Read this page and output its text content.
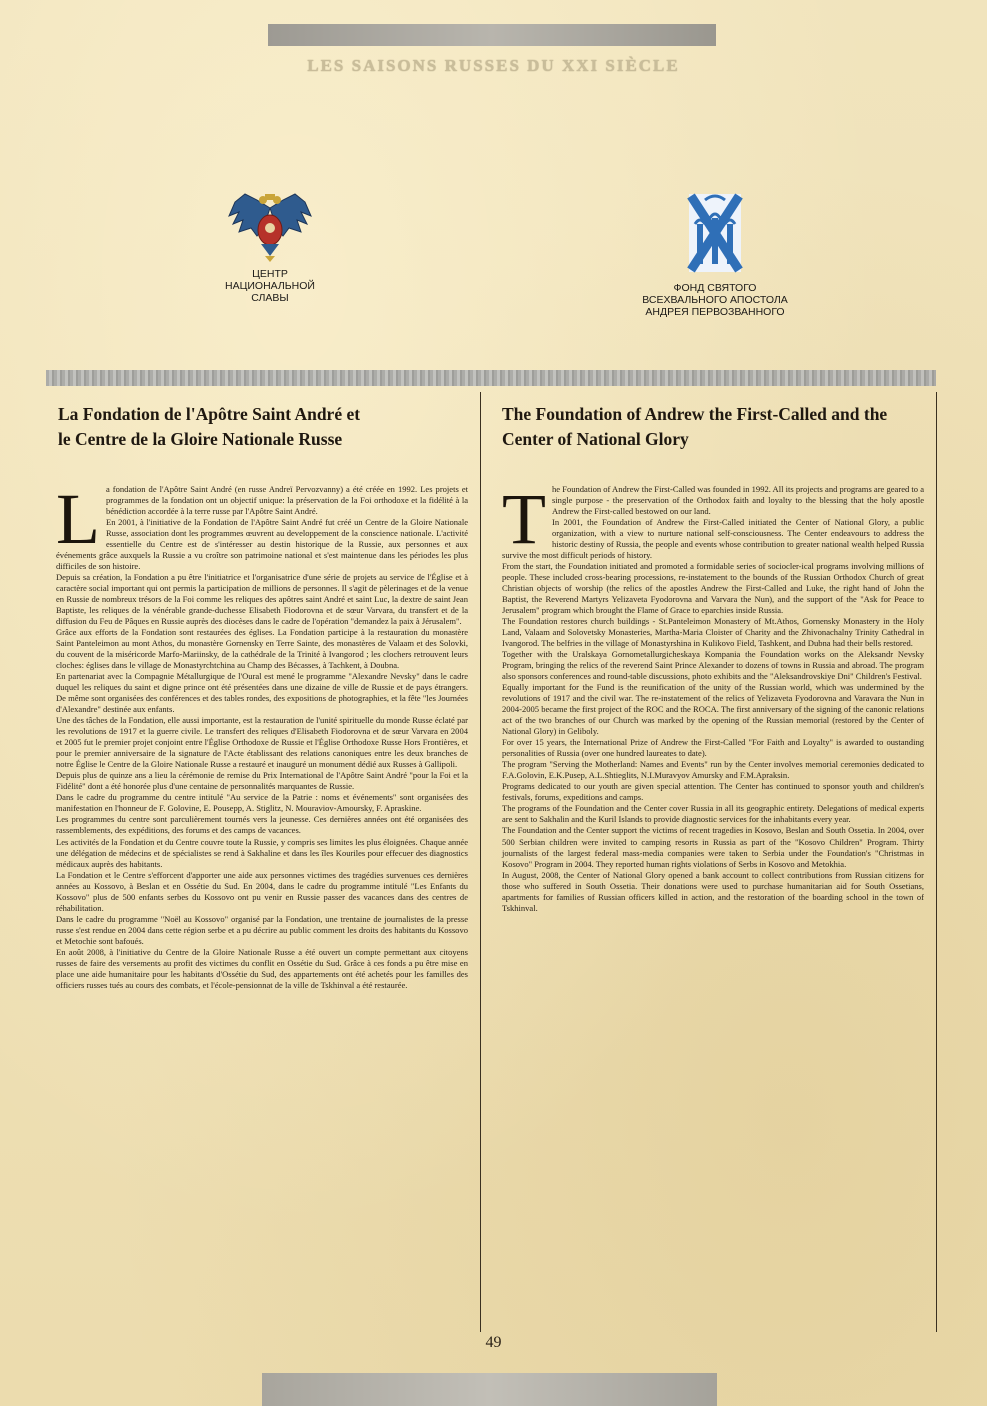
LES SAISONS RUSSES DU XXI SIÈCLE
ЦЕНТР
НАЦИОНАЛЬНОЙ
СЛАВЫ
ФОНД СВЯТОГО
ВСЕХВАЛЬНОГО АПОСТОЛА
АНДРЕЯ ПЕРВОЗВАННОГО
La Fondation de l'Apôtre Saint André et
le Centre de la Gloire Nationale Russe

La fondation de l'Apôtre Saint André (en russe Andreï Pervozvanny) a été créée en 1992. Les projets et programmes de la fondation ont un objectif unique: la préservation de la Foi orthodoxe et la fidélité à la bénédiction accordée à la terre russe par l'Apôtre Saint André.

En 2001, à l'initiative de la Fondation de l'Apôtre Saint André fut créé un Centre de la Gloire Nationale Russe, association dont les programmes œuvrent au developpement de la conscience nationale. L'activité essentielle du Centre est de s'intéresser au destin historique de la Russie, aux personnes et aux événements grâce auxquels la Russie a vu croître son patrimoine national et s'est maintenue dans les périodes les plus difficiles de son histoire.

Depuis sa création, la Fondation a pu être l'initiatrice et l'organisatrice d'une série de projets au service de l'Église et à caractère social important qui ont permis la participation de millions de personnes. Il s'agit de pèlerinages et de la venue en Russie de nombreux trésors de la Foi comme les reliques des apôtres saint André et saint Luc, la dextre de saint Jean Baptiste, les reliques de la vénérable grande-duchesse Elisabeth Fiodorovna et de sœur Varvara, du transfert et de la diffusion du Feu de Pâques en Russie auprès des diocèses dans le cadre de l'opération "demandez la paix à Jérusalem".

Grâce aux efforts de la Fondation sont restaurées des églises. La Fondation participe à la restauration du monastère Saint Panteleimon au mont Athos, du monastère Gornensky en Terre Sainte, des monastères de Valaam et des Solovki, du couvent de la miséricorde Marfo-Mariinsky, de la cathédrale de la Trinité à Ivangorod ; les clochers retrouvent leurs cloches: églises dans le village de Monastyrchtchina au Champ des Bécasses, à Tachkent, à Doubna.

En partenariat avec la Compagnie Métallurgique de l'Oural est mené le programme "Alexandre Nevsky" dans le cadre duquel les reliques du saint et digne prince ont été présentées dans une dizaine de ville de Russie et de pays étrangers. De même sont organisées des conférences et des tables rondes, des expositions de photographies, et la fête "les Journées d'Alexandre" destinée aux enfants.

Une des tâches de la Fondation, elle aussi importante, est la restauration de l'unité spirituelle du monde Russe éclaté par les revolutions de 1917 et la guerre civile. Le transfert des reliques d'Elisabeth Fiodorovna et de sœur Varvara en 2004 et 2005 fut le premier projet conjoint entre l'Église Orthodoxe de Russie et l'Église Orthodoxe Russe Hors Frontières, et pour le premier anniversaire de la signature de l'Acte établissant des relations canoniques entre les deux branches de notre Église le Centre de la Gloire Nationale Russe a restauré et inauguré un monument dédié aux Russes à Gallipoli.

Depuis plus de quinze ans a lieu la cérémonie de remise du Prix International de l'Apôtre Saint André "pour la Foi et la Fidélité" dont a été honorée plus d'une centaine de personnalités marquantes de Russie.

Dans le cadre du programme du centre intitulé "Au service de la Patrie : noms et événements" sont organisées des manifestation en l'honneur de F. Golovine, E. Pousepp, A. Stiglitz, N. Mouraviov-Amoursky, F. Apraskine.

Les programmes du centre sont parculièrement tournés vers la jeunesse. Ces dernières années ont été organisées des rassemblements, des expéditions, des forums et des camps de vacances.

Les activités de la Fondation et du Centre couvre toute la Russie, y compris ses limites les plus éloignées. Chaque année une délégation de médecins et de spécialistes se rend à Sakhaline et dans les îles Kouriles pour effecuer des diagnostics médicaux auprès des habitants.

La Fondation et le Centre s'efforcent d'apporter une aide aux personnes victimes des tragédies survenues ces dernières années au Kossovo, à Beslan et en Ossétie du Sud. En 2004, dans le cadre du programme intitulé "Les Enfants du Kossovo" plus de 500 enfants serbes du Kossovo ont pu venir en Russie passer des vacances dans des centres de réhabilitation.

Dans le cadre du programme "Noël au Kossovo" organisé par la Fondation, une trentaine de journalistes de la presse russe s'est rendue en 2004 dans cette région serbe et a pu décrire au public comment les droits des habitants du Kossovo et Metochie sont bafoués.

En août 2008, à l'initiative du Centre de la Gloire Nationale Russe a été ouvert un compte permettant aux citoyens russes de faire des versements au profit des victimes du conflit en Ossétie du Sud. Grâce à ces fonds a pu être mise en place une aide humanitaire pour les habitants d'Ossétie du Sud, des appartements ont été achetés pour les familles des officiers russes tués au cours des combats, et l'école-pensionnat de la ville de Tskhinval a été restaurée.

The Foundation of Andrew the First-Called and the
Center of National Glory

The Foundation of Andrew the First-Called was founded in 1992. All its projects and programs are geared to a single purpose - the preservation of the Orthodox faith and loyalty to the blessing that the holy apostle Andrew the First-called bestowed on our land.

In 2001, the Foundation of Andrew the First-Called initiated the Center of National Glory, a public organization, with a view to nurture national self-consciousness. The Center endeavours to address the historic destiny of Russia, the people and events whose contribution to greater national wealth helped Russia survive the most difficult periods of history.

From the start, the Foundation initiated and promoted a formidable series of sociocler-ical programs involving millions of people. These included cross-bearing processions, re-instatement to the bounds of the Russian Orthodox Church of great Christian objects of worship (the relics of the apostles Andrew the First-Called and Luke, the right hand of John the Baptist, the Reverend Martyrs Yelizaveta Fyodorovna and Varvara the Nun), and the support of the "Ask for Peace to Jerusalem" program which brought the Flame of Grace to eparchies inside Russia.

The Foundation restores church buildings - St.Panteleimon Monastery of Mt.Athos, Gornensky Monastery in the Holy Land, Valaam and Solovetsky Monasteries, Martha-Maria Cloister of Charity and the Zhivonachalny Trinity Cathedral in Ivangorod. The belfries in the village of Monastyrshina in Kulikovo Field, Tashkent, and Dubna had their bells restored.

Together with the Uralskaya Gornometallurgicheskaya Kompania the Foundation works on the Aleksandr Nevsky Program, bringing the relics of the reverend Saint Prince Alexander to dozens of towns in Russia and abroad. The program also sponsors conferences and round-table discussions, photo exhibits and the "Aleksandrovskiye Dni" Children's Festival.

Equally important for the Fund is the reunification of the unity of the Russian world, which was undermined by the revolutions of 1917 and the civil war. The re-instatement of the relics of Yelizaveta Fyodorovna and Varavara the Nun in 2004-2005 became the first project of the ROC and the ROCA. The first anniversary of the signing of the canonic relations act of the two branches of our Church was marked by the opening of the Russian memorial (restored by the Center of National Glory) in Geliboly.

For over 15 years, the International Prize of Andrew the First-Called "For Faith and Loyalty" is awarded to oustanding personalities of Russia (over one hundred laureates to date).

The program "Serving the Motherland: Names and Events" run by the Center involves memorial ceremonies dedicated to F.A.Golovin, E.K.Pusep, A.L.Shtieglits, N.I.Muravyov Amursky and F.M.Apraksin.

Programs dedicated to our youth are given special attention. The Center has continued to sponsor youth and children's festivals, forums, expeditions and camps.

The programs of the Foundation and the Center cover Russia in all its geographic entirety. Delegations of medical experts are sent to Sakhalin and the Kuril Islands to provide diagnostic services for the inhabitants every year.

The Foundation and the Center support the victims of recent tragedies in Kosovo, Beslan and South Ossetia. In 2004, over 500 Serbian children were invited to camping resorts in Russia as part of the "Kosovo Children" Program. Thirty journalists of the largest federal mass-media companies were taken to Serbia under the Foundation's "Christmas in Kosovo" Program in 2004. They reported human rights violations of Serbs in Kosovo and Metokhia.

In August, 2008, the Center of National Glory opened a bank account to collect contributions from Russian citizens for those who suffered in South Ossetia. Their donations were used to purchase humanitarian aid for South Ossetians, apartments for families of Russian officers killed in action, and the restoration of the boarding school in the town of Tskhinval.

49
